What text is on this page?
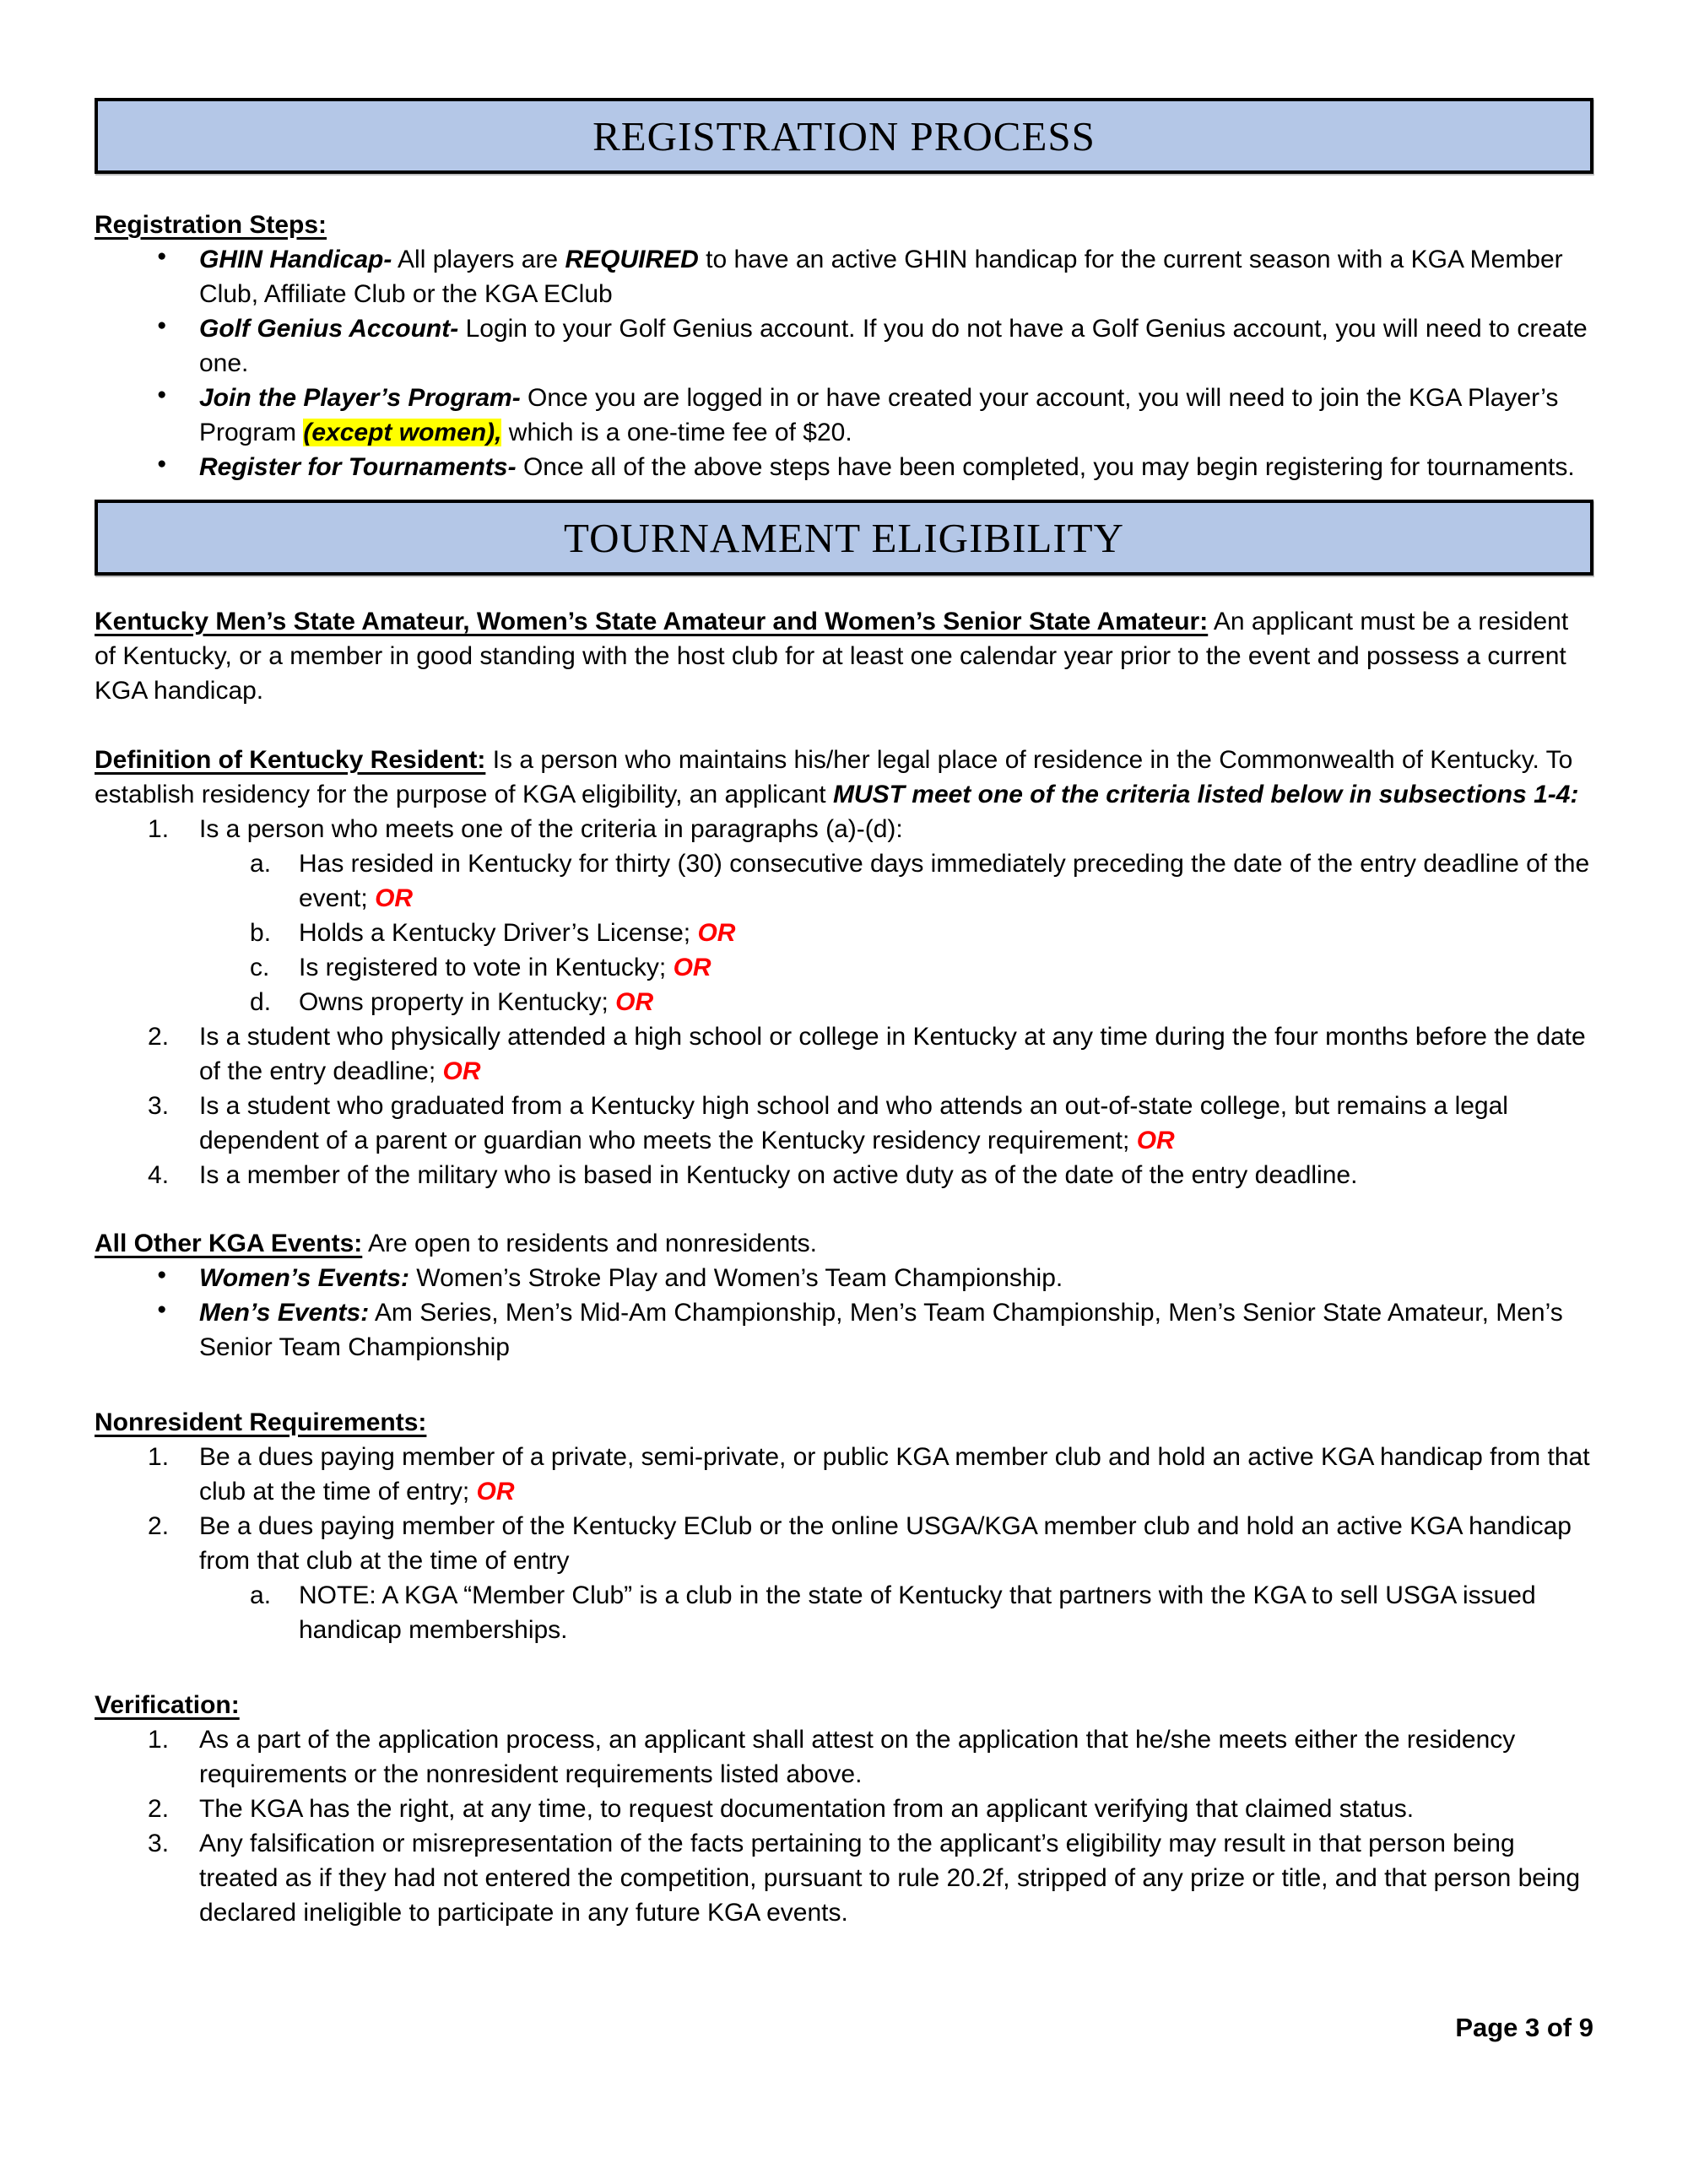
REGISTRATION PROCESS

Registration Steps:

● GHIN Handicap- All players are REQUIRED to have an active GHIN handicap for the current season with a KGA Member Club, Affiliate Club or the KGA EClub
● Golf Genius Account- Login to your Golf Genius account. If you do not have a Golf Genius account, you will need to create one.
● Join the Player’s Program- Once you are logged in or have created your account, you will need to join the KGA Player’s Program (except women), which is a one-time fee of $20.
● Register for Tournaments- Once all of the above steps have been completed, you may begin registering for tournaments.
TOURNAMENT ELIGIBILITY

Kentucky Men’s State Amateur, Women’s State Amateur and Women’s Senior State Amateur: An applicant must be a resident of Kentucky, or a member in good standing with the host club for at least one calendar year prior to the event and possess a current KGA handicap.

Definition of Kentucky Resident: Is a person who maintains his/her legal place of residence in the Commonwealth of Kentucky. To establish residency for the purpose of KGA eligibility, an applicant MUST meet one of the criteria listed below in subsections 1-4:

Is a person who meets one of the criteria in paragraphs (a)-(d):
Has resided in Kentucky for thirty (30) consecutive days immediately preceding the date of the entry deadline of the event; OR
Holds a Kentucky Driver’s License; OR
Is registered to vote in Kentucky; OR
Owns property in Kentucky; OR
Is a student who physically attended a high school or college in Kentucky at any time during the four months before the date of the entry deadline; OR
Is a student who graduated from a Kentucky high school and who attends an out-of-state college, but remains a legal dependent of a parent or guardian who meets the Kentucky residency requirement; OR
Is a member of the military who is based in Kentucky on active duty as of the date of the entry deadline.

All Other KGA Events: Are open to residents and nonresidents.

● Women’s Events: Women’s Stroke Play and Women’s Team Championship.
● Men’s Events: Am Series, Men’s Mid-Am Championship, Men’s Team Championship, Men’s Senior State Amateur, Men’s Senior Team Championship

Nonresident Requirements:

Be a dues paying member of a private, semi-private, or public KGA member club and hold an active KGA handicap from that club at the time of entry; OR
Be a dues paying member of the Kentucky EClub or the online USGA/KGA member club and hold an active KGA handicap from that club at the time of entry
NOTE: A KGA “Member Club” is a club in the state of Kentucky that partners with the KGA to sell USGA issued handicap memberships.

Verification:

As a part of the application process, an applicant shall attest on the application that he/she meets either the residency requirements or the nonresident requirements listed above.
The KGA has the right, at any time, to request documentation from an applicant verifying that claimed status.
Any falsification or misrepresentation of the facts pertaining to the applicant’s eligibility may result in that person being treated as if they had not entered the competition, pursuant to rule 20.2f, stripped of any prize or title, and that person being declared ineligible to participate in any future KGA events.
Page 3 of 9
